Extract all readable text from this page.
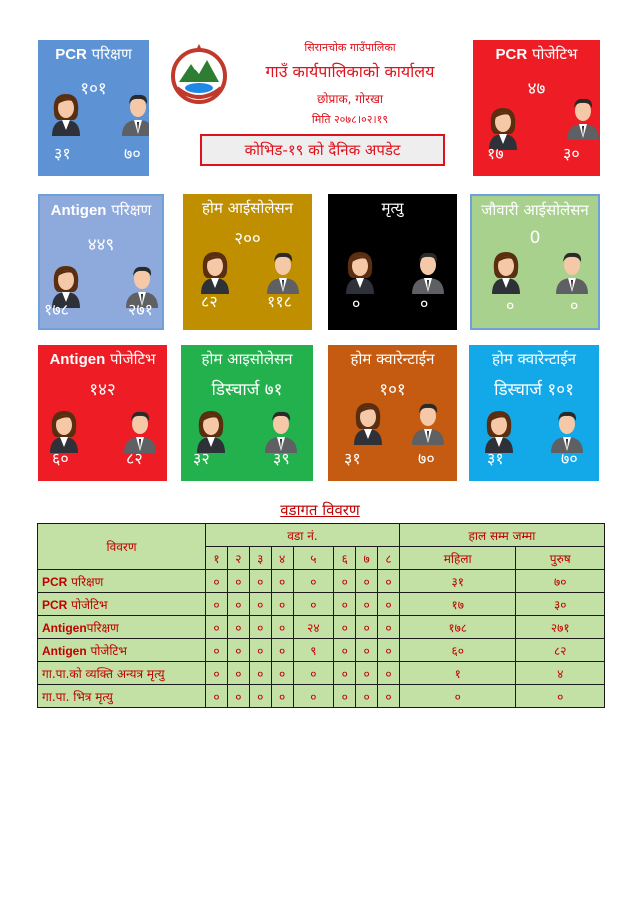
सिरानचोक गाउँपालिका
गाउँ कार्यपालिकाको कार्यालय
छोप्राक, गोरखा
मिति २०७८।०२।१९
कोभिड-१९ को दैनिक अपडेट
PCR परिक्षण
१०१
३१	७०
PCR पोजेटिभ
४७
१७	३०
Antigen परिक्षण
४४९
१७८	२७१
होम आईसोलेसन
२००
८२	११८
मृत्यु
०	०
जौवारी आईसोलेसन
0
०	०
Antigen पोजेटिभ
१४२
६०	८२
होम आइसोलेसन
डिस्चार्ज ७१
३२	३९
होम क्वारेन्टाईन
१०१
३१	७०
होम क्वारेन्टाईन
डिस्चार्ज १०१
३१	७०
वडागत विवरण
विवरण	वडा नं.								हाल सम्म जम्मा	
	१	२	३	४	५	६	७	८	महिला	पुरुष
PCR परिक्षण	०	०	०	०	०	०	०	०	३१	७०
PCR पोजेटिभ	०	०	०	०	०	०	०	०	१७	३०
Antigenपरिक्षण	०	०	०	०	२४	०	०	०	१७८	२७१
Antigen पोजेटिभ	०	०	०	०	९	०	०	०	६०	८२
गा.पा.को व्यक्ति अन्यत्र मृत्यु	०	०	०	०	०	०	०	०	१	४
गा.पा. भित्र मृत्यु	०	०	०	०	०	०	०	०	०	०
